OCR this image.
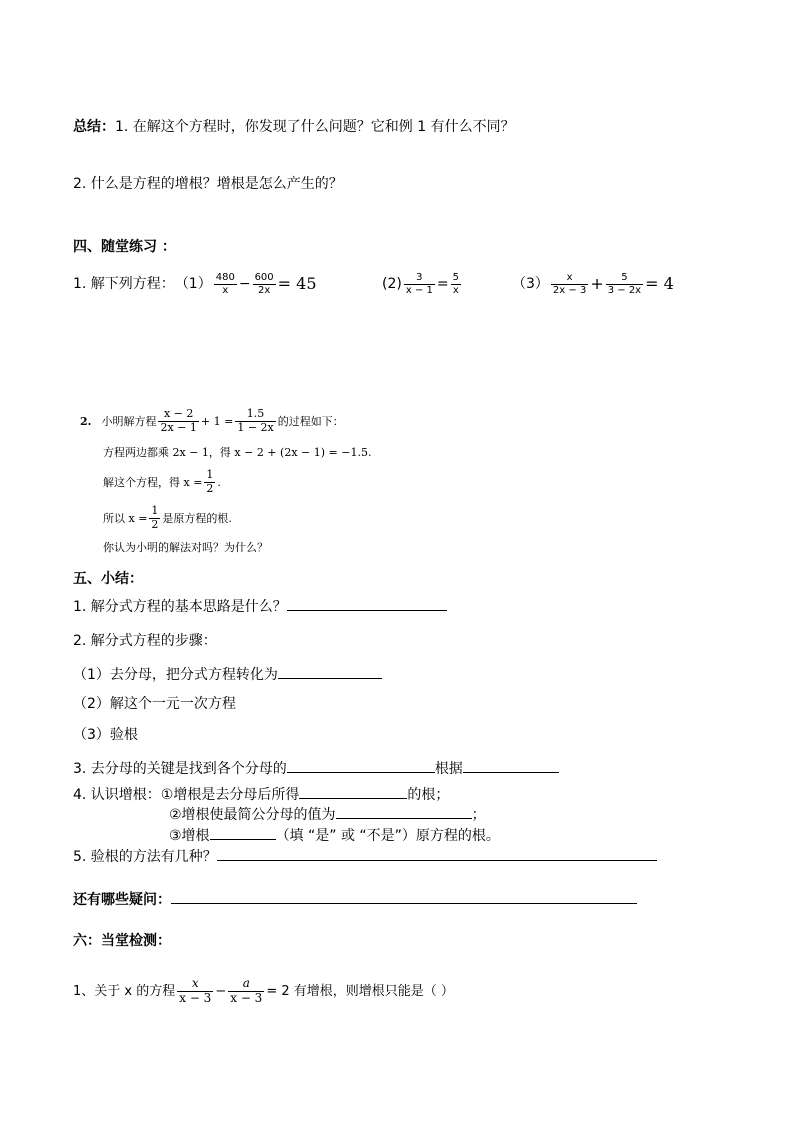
总结：1. 在解这个方程时，你发现了什么问题？它和例 1 有什么不同？
2. 什么是方程的增根？增根是怎么产生的？
四、随堂练习 ：
1. 解下列方程： （1） 480
$x - \frac{600}{2x} = 45$	$(2) \frac{3}{x - 1} = \frac{5}{x}$	（3）	x
$2x - 3 + \frac{5}{3 - 2x} = 4$
2. 小明解方程
x − 2
$2x - 1 + 1 = \frac{1.5}{1 - 2x}$ 的过程如下：
方程两边都乘 2x − 1，得 x − 2 + (2x − 1) = −1.5.
解这个方程，得 $x = \frac{1}{2}$ .
所以 $x = \frac{1}{2}$ 是原方程的根.
你认为小明的解法对吗？为什么？
五、小结：
1. 解分式方程的基本思路是什么？
2. 解分式方程的步骤：
（1）去分母，把分式方程转化为
（2）解这个一元一次方程
（3）验根
3. 去分母的关键是找到各个分母的	根据
4. 认识增根：①增根是去分母后所得	的根；
②增根使最简公分母的值为	；
③增根	（填 “是” 或 “不是”）原方程的根。
5. 验根的方法有几种？
还有哪些疑问：
六：当堂检测：
1、关于 x 的方程
x
$x - 3 - \frac{a}{x - 3} = 2$ 有增根，则增根只能是（ ）
